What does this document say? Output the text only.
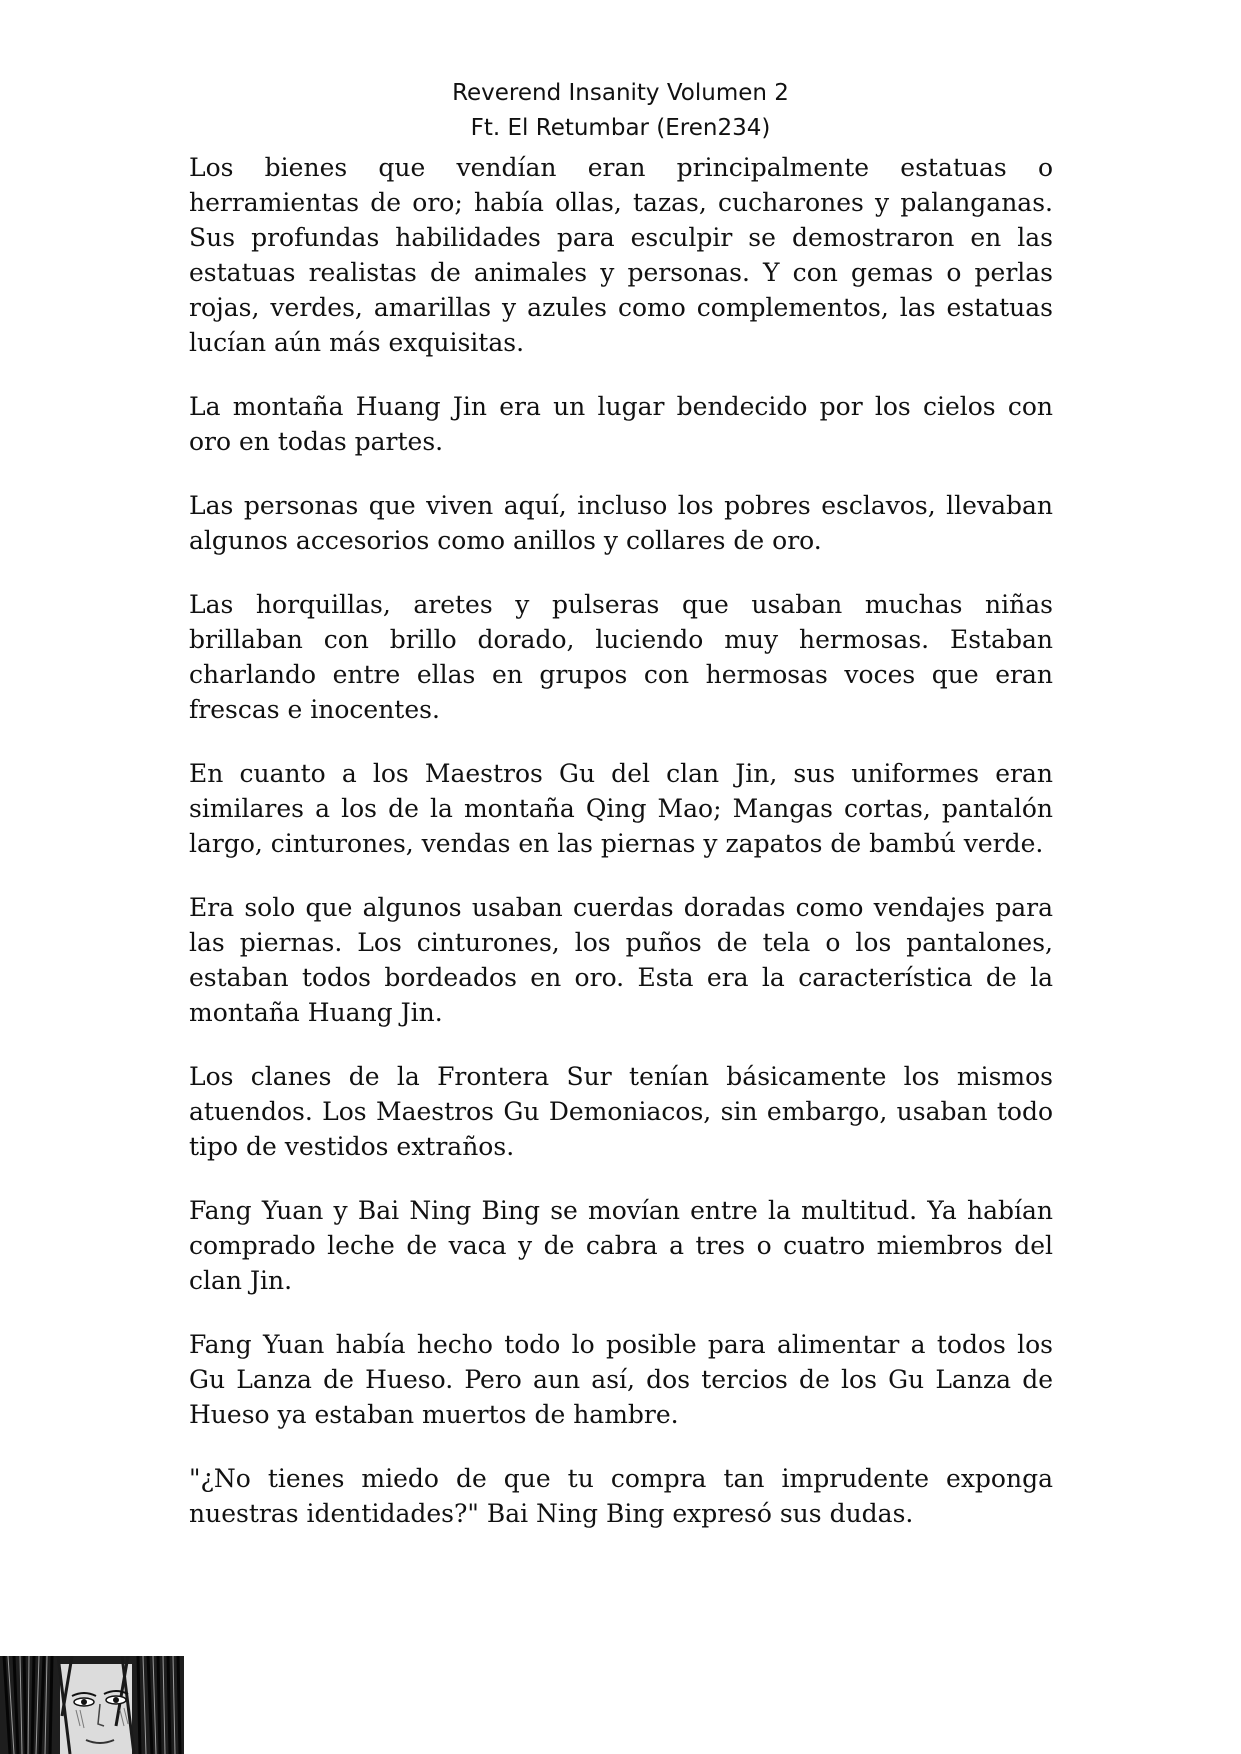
Reverend Insanity Volumen 2
Ft. El Retumbar (Eren234)

Los bienes que vendían eran principalmente estatuas o herramientas de oro; había ollas, tazas, cucharones y palanganas. Sus profundas habilidades para esculpir se demostraron en las estatuas realistas de animales y personas. Y con gemas o perlas rojas, verdes, amarillas y azules como complementos, las estatuas lucían aún más exquisitas.

La montaña Huang Jin era un lugar bendecido por los cielos con oro en todas partes.

Las personas que viven aquí, incluso los pobres esclavos, llevaban algunos accesorios como anillos y collares de oro.

Las horquillas, aretes y pulseras que usaban muchas niñas brillaban con brillo dorado, luciendo muy hermosas. Estaban charlando entre ellas en grupos con hermosas voces que eran frescas e inocentes.

En cuanto a los Maestros Gu del clan Jin, sus uniformes eran similares a los de la montaña Qing Mao; Mangas cortas, pantalón largo, cinturones, vendas en las piernas y zapatos de bambú verde.

Era solo que algunos usaban cuerdas doradas como vendajes para las piernas. Los cinturones, los puños de tela o los pantalones, estaban todos bordeados en oro. Esta era la característica de la montaña Huang Jin.

Los clanes de la Frontera Sur tenían básicamente los mismos atuendos. Los Maestros Gu Demoniacos, sin embargo, usaban todo tipo de vestidos extraños.

Fang Yuan y Bai Ning Bing se movían entre la multitud. Ya habían comprado leche de vaca y de cabra a tres o cuatro miembros del clan Jin.

Fang Yuan había hecho todo lo posible para alimentar a todos los Gu Lanza de Hueso. Pero aun así, dos tercios de los Gu Lanza de Hueso ya estaban muertos de hambre.

"¿No tienes miedo de que tu compra tan imprudente exponga nuestras identidades?" Bai Ning Bing expresó sus dudas.
